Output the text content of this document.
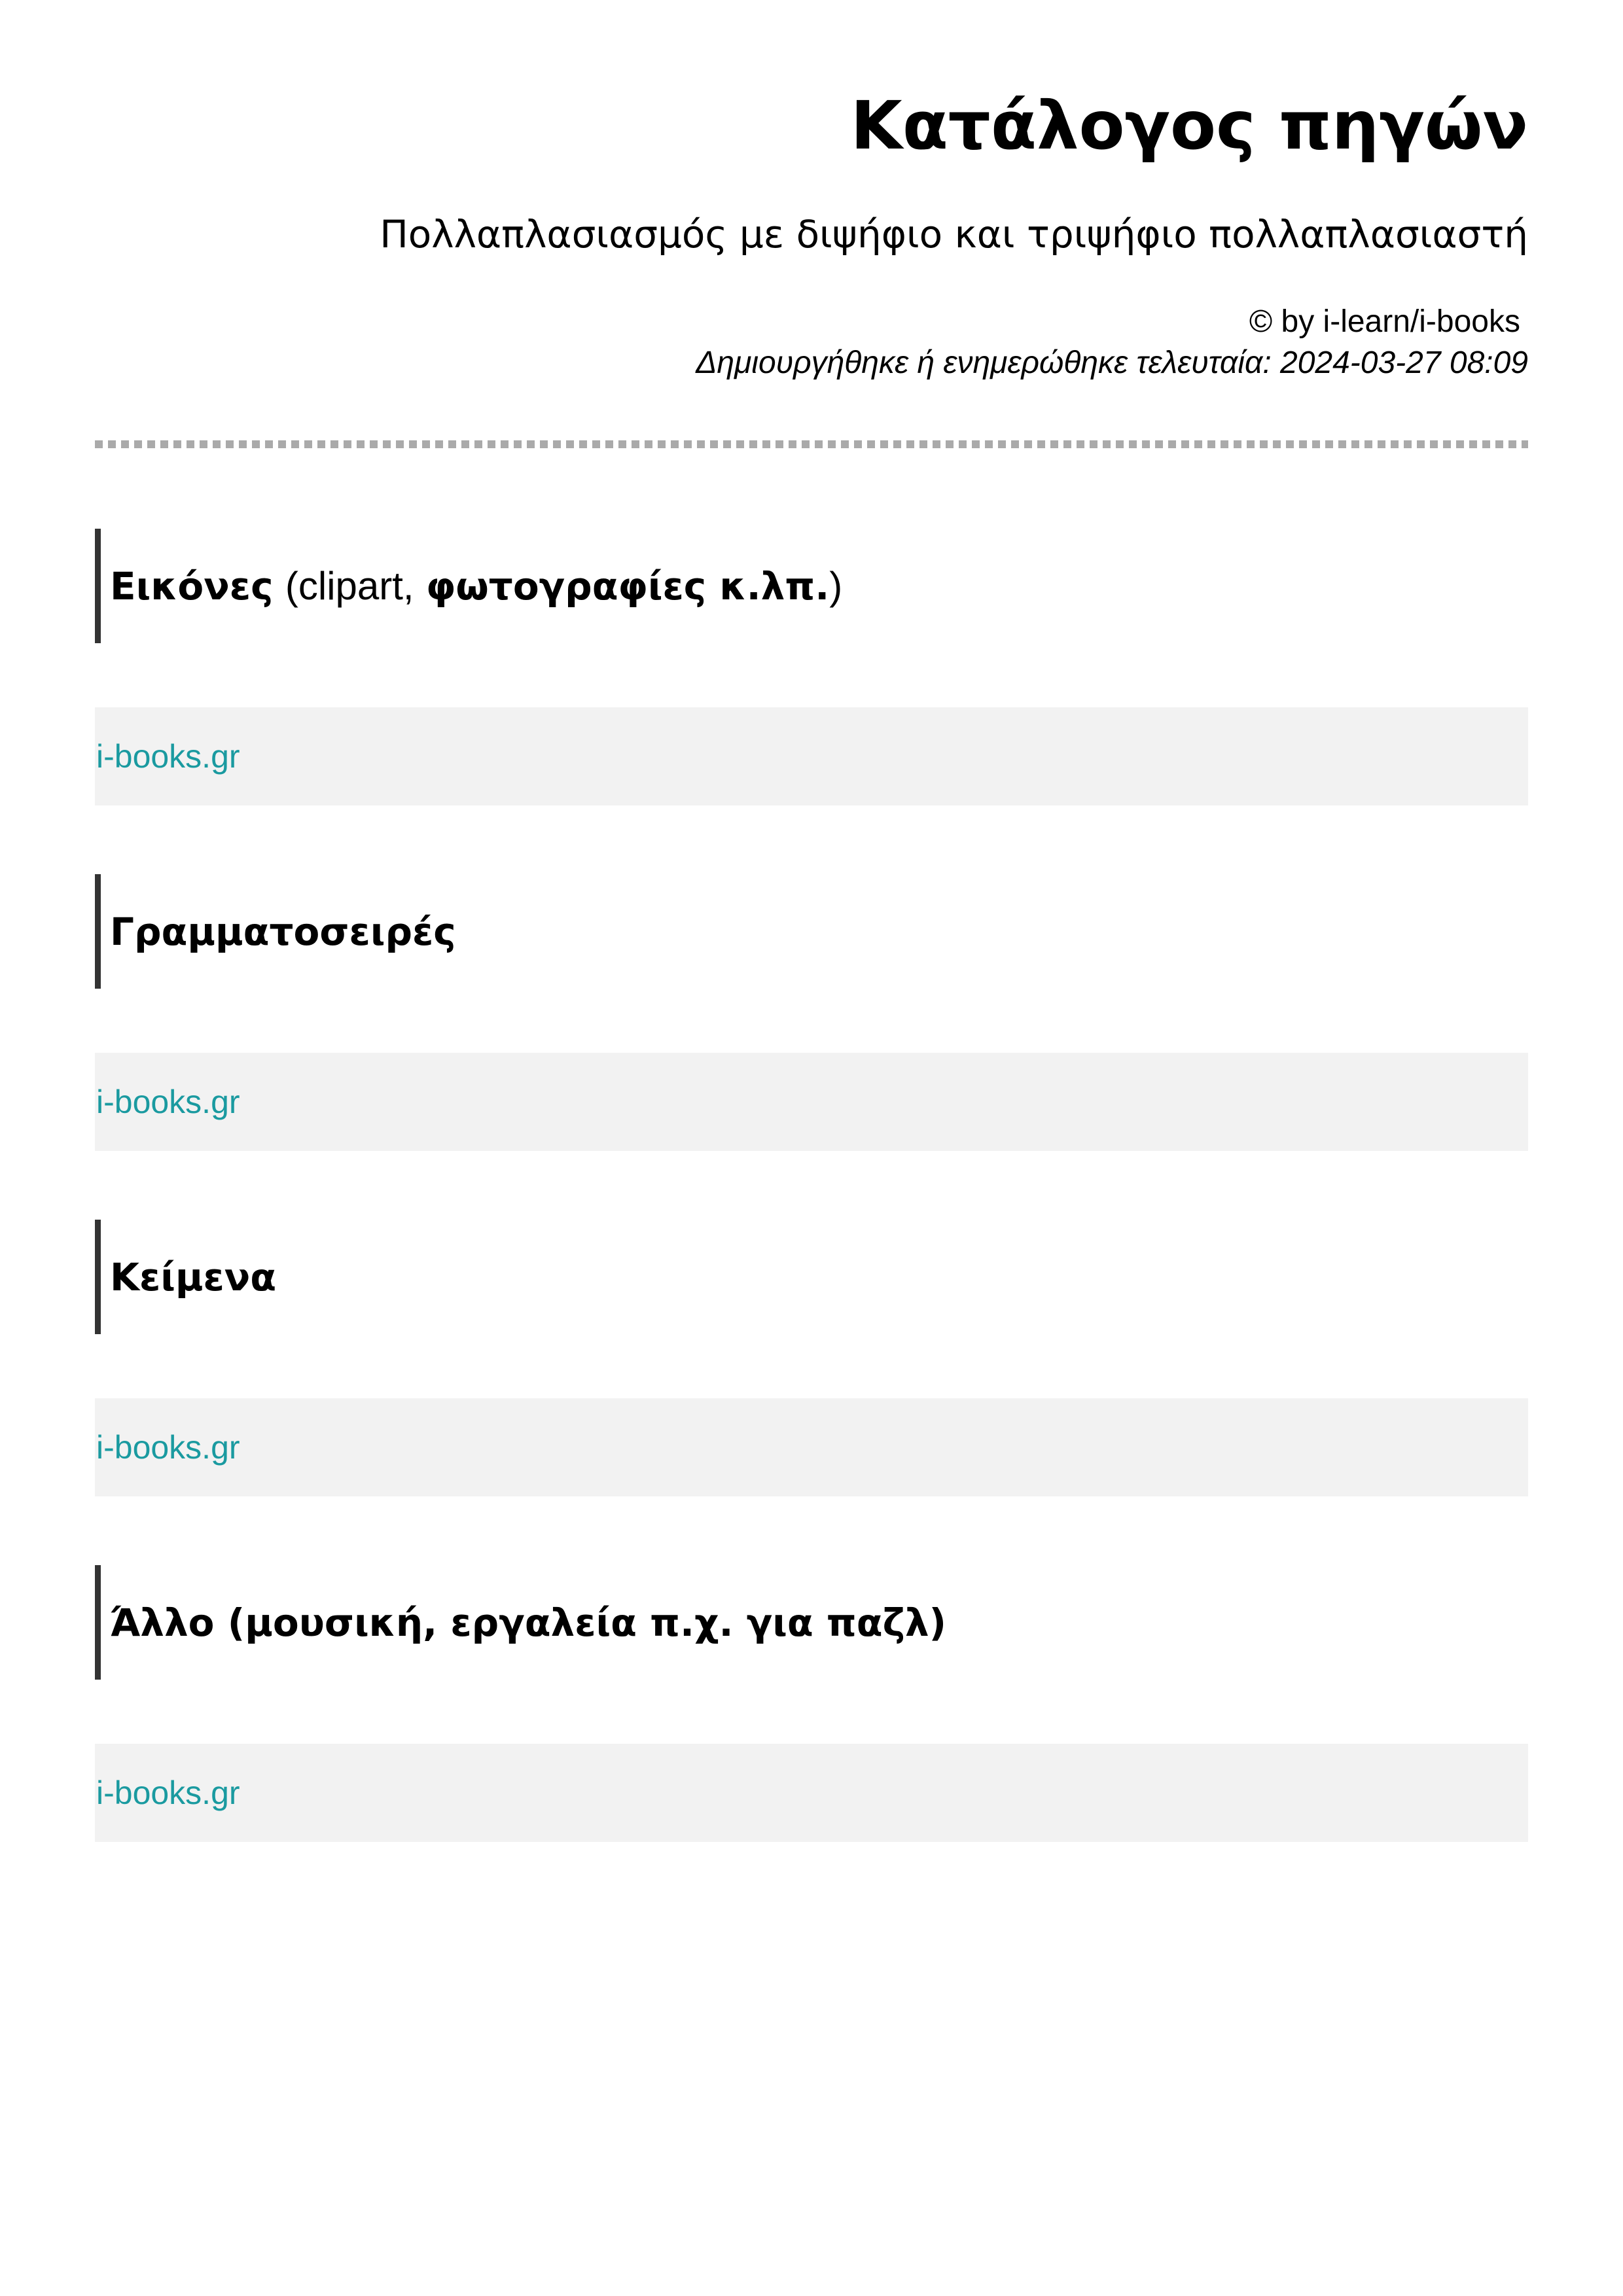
Κατάλογος πηγών
Πολλαπλασιασμός με διψήφιο και τριψήφιο πολλαπλασιαστή
© by i-learn/i-books
Δημιουργήθηκε ή ενημερώθηκε τελευταία: 2024-03-27 08:09
Εικόνες
(clipart,
φωτογραφίες κ.λπ. )
i-books.gr
Γραμματοσειρές
i-books.gr
Κείμενα
i-books.gr
Άλλο (μουσική, εργαλεία π.χ. για παζλ)
i-books.gr
